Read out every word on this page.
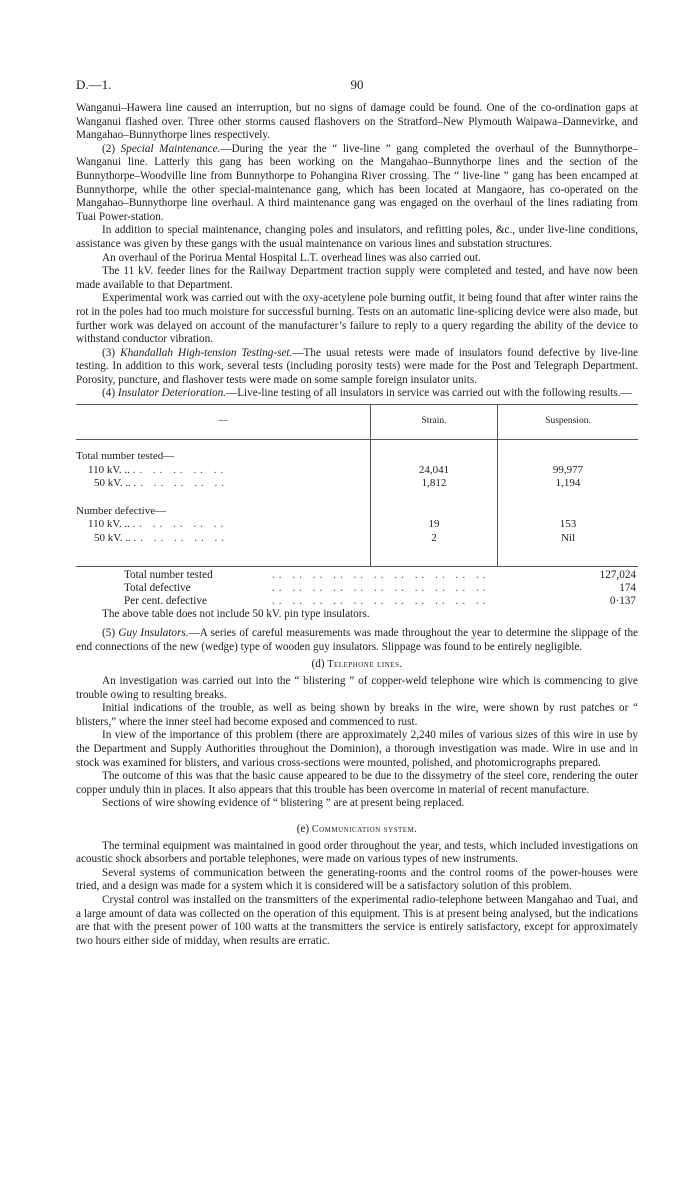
D.—1.	90

Wanganui–Hawera line caused an interruption, but no signs of damage could be found. One of the co-ordination gaps at Wanganui flashed over. Three other storms caused flashovers on the Stratford–New Plymouth Waipawa–Dannevirke, and Mangahao–Bunnythorpe lines respectively.

(2) Special Maintenance.—During the year the “ live-line ” gang completed the overhaul of the Bunnythorpe–Wanganui line. Latterly this gang has been working on the Mangahao–Bunnythorpe lines and the section of the Bunnythorpe–Woodville line from Bunnythorpe to Pohangina River crossing. The “ live-line ” gang has been encamped at Bunnythorpe, while the other special-maintenance gang, which has been located at Mangaore, has co-operated on the Mangahao–Bunnythorpe line overhaul. A third maintenance gang was engaged on the overhaul of the lines radiating from Tuai Power-station.

In addition to special maintenance, changing poles and insulators, and refitting poles, &c., under live-line conditions, assistance was given by these gangs with the usual maintenance on various lines and substation structures.

An overhaul of the Porirua Mental Hospital L.T. overhead lines was also carried out.

The 11 kV. feeder lines for the Railway Department traction supply were completed and tested, and have now been made available to that Department.

Experimental work was carried out with the oxy-acetylene pole burning outfit, it being found that after winter rains the rot in the poles had too much moisture for successful burning. Tests on an automatic line-splicing device were also made, but further work was delayed on account of the manufacturer’s failure to reply to a query regarding the ability of the device to withstand conductor vibration.

(3) Khandallah High-tension Testing-set.—The usual retests were made of insulators found defective by live-line testing. In addition to this work, several tests (including porosity tests) were made for the Post and Telegraph Department. Porosity, puncture, and flashover tests were made on some sample foreign insulator units.

(4) Insulator Deterioration.—Live-line testing of all insulators in service was carried out with the following results.—

—	Strain.	Suspension.

Total number tested—		
110 kV. .. .. .. .. .. ..	24,041	99,977
50 kV. .. .. .. .. .. ..	1,812	1,194

Number defective—		
110 kV. .. .. .. .. .. ..	19	153
50 kV. .. .. .. .. .. ..	2	Nil

Total number tested	.. .. .. .. .. .. .. .. .. .. ..	127,024
Total defective	.. .. .. .. .. .. .. .. .. .. ..	174
Per cent. defective	.. .. .. .. .. .. .. .. .. .. ..	0·137

The above table does not include 50 kV. pin type insulators.

(5) Guy Insulators.—A series of careful measurements was made throughout the year to determine the slippage of the end connections of the new (wedge) type of wooden guy insulators. Slippage was found to be entirely negligible.

(d) Telephone lines.

An investigation was carried out into the “ blistering ” of copper-weld telephone wire which is commencing to give trouble owing to resulting breaks.

Initial indications of the trouble, as well as being shown by breaks in the wire, were shown by rust patches or “ blisters,” where the inner steel had become exposed and commenced to rust.

In view of the importance of this problem (there are approximately 2,240 miles of various sizes of this wire in use by the Department and Supply Authorities throughout the Dominion), a thorough investigation was made. Wire in use and in stock was examined for blisters, and various cross-sections were mounted, polished, and photomicrographs prepared.

The outcome of this was that the basic cause appeared to be due to the dissymetry of the steel core, rendering the outer copper unduly thin in places. It also appears that this trouble has been overcome in material of recent manufacture.

Sections of wire showing evidence of “ blistering ” are at present being replaced.

(e) Communication system.

The terminal equipment was maintained in good order throughout the year, and tests, which included investigations on acoustic shock absorbers and portable telephones, were made on various types of new instruments.

Several systems of communication between the generating-rooms and the control rooms of the power-houses were tried, and a design was made for a system which it is considered will be a satisfactory solution of this problem.

Crystal control was installed on the transmitters of the experimental radio-telephone between Mangahao and Tuai, and a large amount of data was collected on the operation of this equipment. This is at present being analysed, but the indications are that with the present power of 100 watts at the transmitters the service is entirely satisfactory, except for approximately two hours either side of midday, when results are erratic.
